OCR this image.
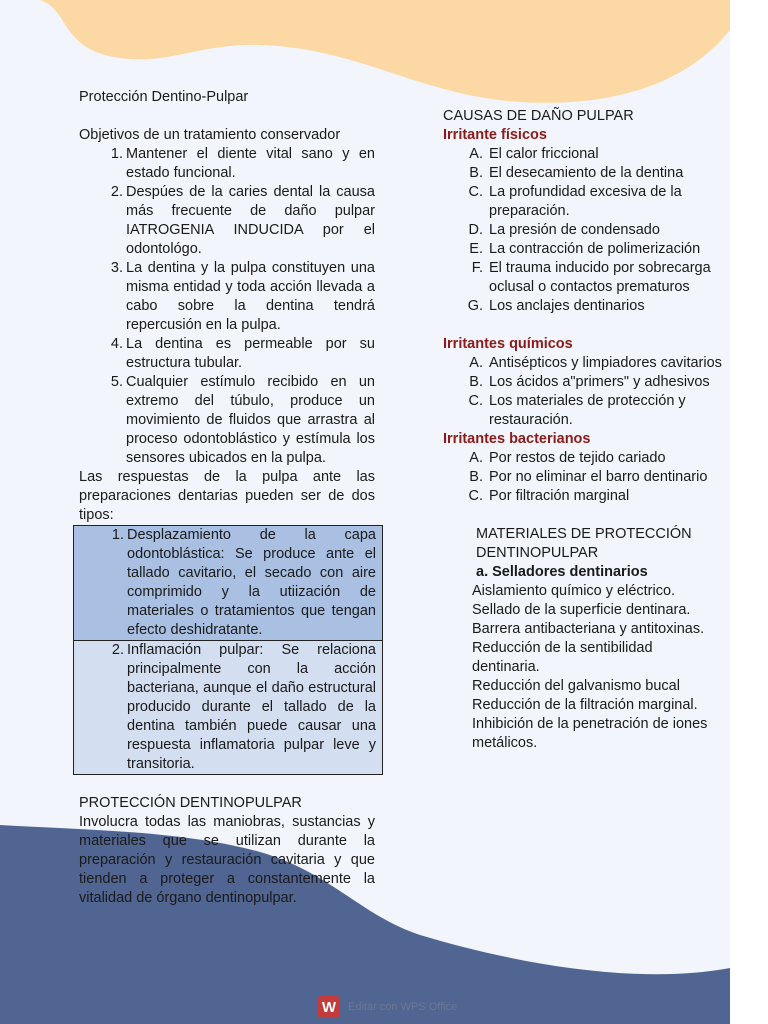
Protección Dentino-Pulpar

Objetivos de un tratamiento conservador

1. Mantener el diente vital sano y en estado funcional.
2. Despúes de la caries dental la causa más frecuente de daño pulpar IATROGENIA INDUCIDA por el odontológo.
3. La dentina y la pulpa constituyen una misma entidad y toda acción llevada a cabo sobre la dentina tendrá repercusión en la pulpa.
4. La dentina es permeable por su estructura tubular.
5. Cualquier estímulo recibido en un extremo del túbulo, produce un movimiento de fluidos que arrastra al proceso odontoblástico y estímula los sensores ubicados en la pulpa.

Las respuestas de la pulpa ante las preparaciones dentarias pueden ser de dos tipos:

1. Desplazamiento de la capa odontoblástica: Se produce ante el tallado cavitario, el secado con aire comprimido y la utiización de materiales o tratamientos que tengan efecto deshidratante.
2. Inflamación pulpar: Se relaciona principalmente con la acción bacteriana, aunque el daño estructural producido durante el tallado de la dentina también puede causar una respuesta inflamatoria pulpar leve y transitoria.

PROTECCIÓN DENTINOPULPAR

Involucra todas las maniobras, sustancias y materiales que se utilizan durante la preparación y restauración cavitaria y que tienden a proteger a constantemente la vitalidad de órgano dentinopulpar.

CAUSAS DE DAÑO PULPAR

Irritante físicos

A. El calor friccional
B. El desecamiento de la dentina
C. La profundidad excesiva de la preparación.
D. La presión de condensado
E. La contracción de polimerización
F. El trauma inducido por sobrecarga oclusal o contactos prematuros
G. Los anclajes dentinarios

Irritantes químicos

A. Antisépticos y limpiadores cavitarios
B. Los ácidos a"primers" y adhesivos
C. Los materiales de protección y restauración.

Irritantes bacterianos

A. Por restos de tejido cariado
B. Por no eliminar el barro dentinario
C. Por filtración marginal

MATERIALES DE PROTECCIÓN DENTINOPULPAR

a. Selladores dentinarios

Aislamiento químico y eléctrico.

Sellado de la superficie dentinara.

Barrera antibacteriana y antitoxinas.

Reducción de la sentibilidad dentinaria.

Reducción del galvanismo bucal

Reducción de la filtración marginal.

Inhibición de la penetración de iones metálicos.

W	Editar con WPS Office
